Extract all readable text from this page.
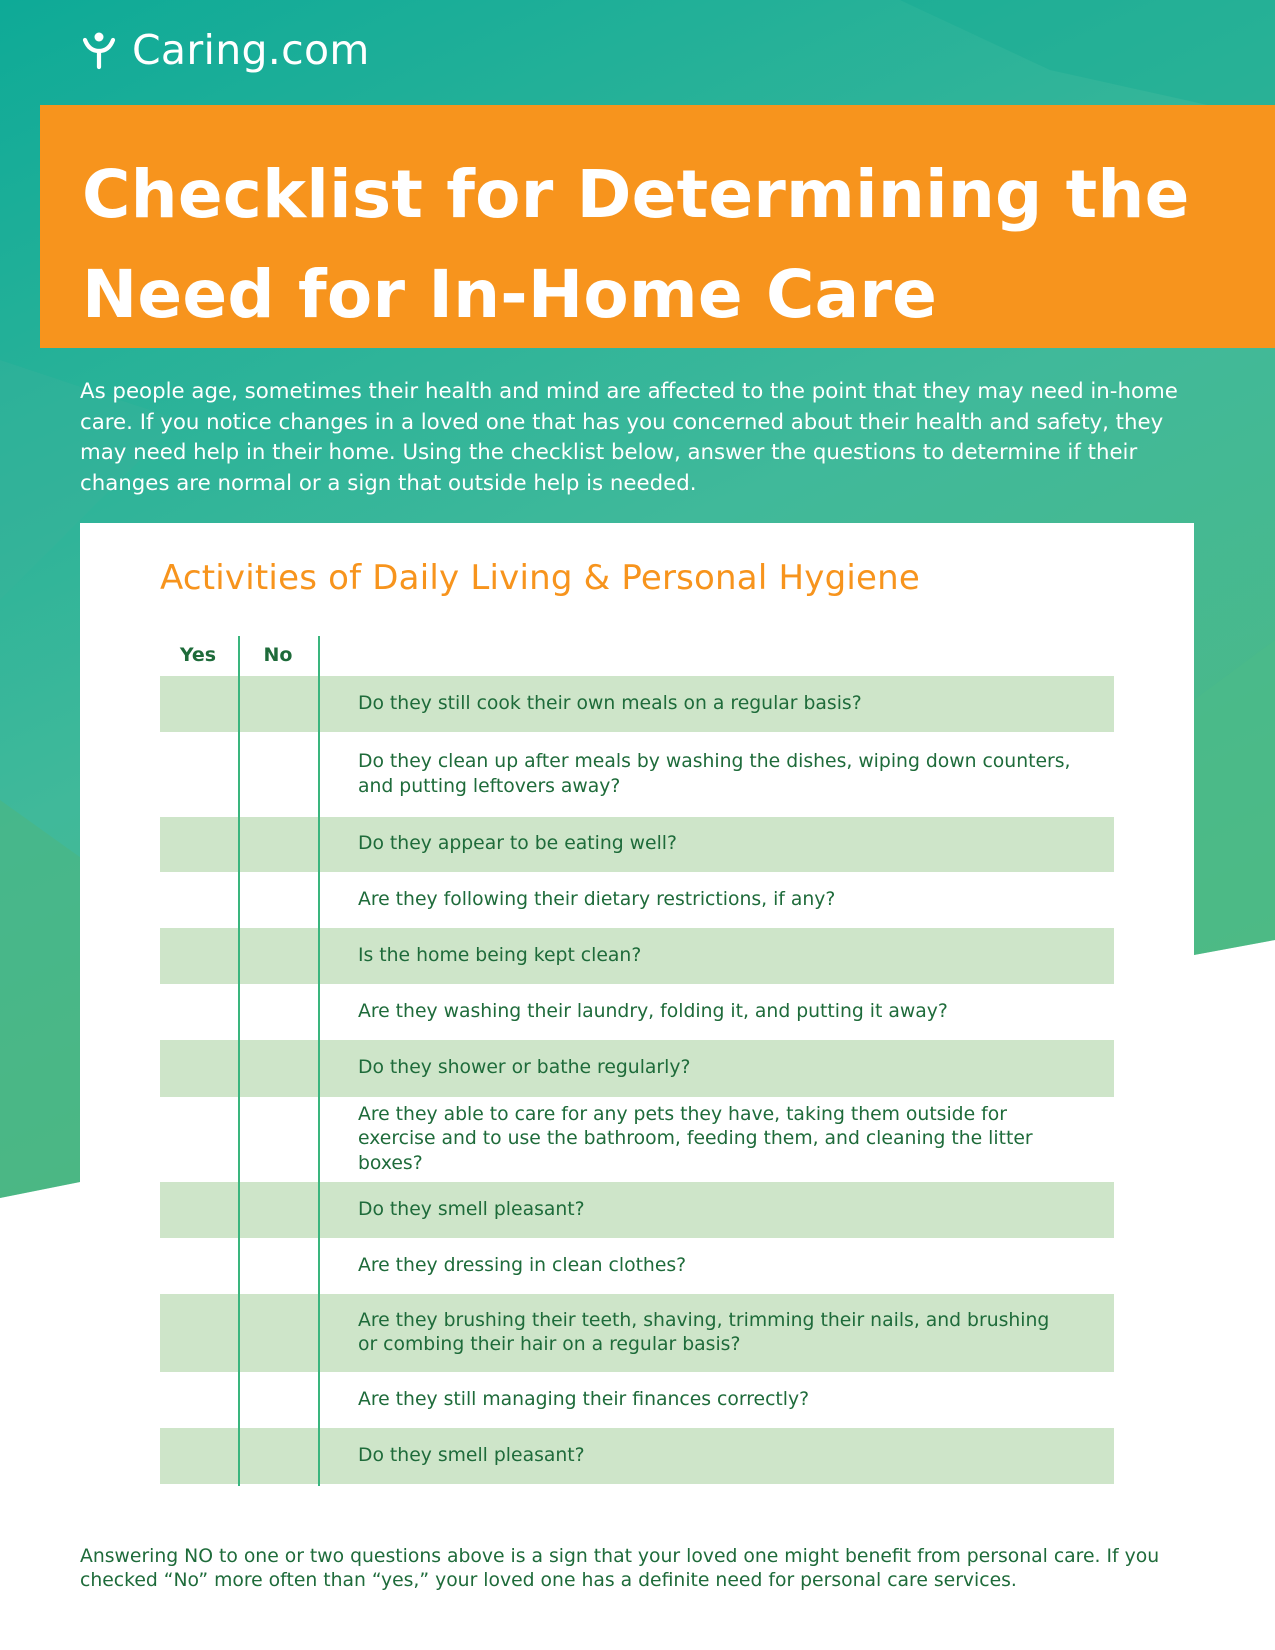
Caring.com
Checklist for Determining the Need for In-Home Care

As people age, sometimes their health and mind are affected to the point that they may need in-home care. If you notice changes in a loved one that has you concerned about their health and safety, they may need help in their home. Using the checklist below, answer the questions to determine if their changes are normal or a sign that outside help is needed.

Activities of Daily Living & Personal Hygiene
Yes	No
Do they still cook their own meals on a regular basis?
Do they clean up after meals by washing the dishes, wiping down counters, and putting leftovers away?
Do they appear to be eating well?
Are they following their dietary restrictions, if any?
Is the home being kept clean?
Are they washing their laundry, folding it, and putting it away?
Do they shower or bathe regularly?
Are they able to care for any pets they have, taking them outside for exercise and to use the bathroom, feeding them, and cleaning the litter boxes?
Do they smell pleasant?
Are they dressing in clean clothes?
Are they brushing their teeth, shaving, trimming their nails, and brushing or combing their hair on a regular basis?
Are they still managing their finances correctly?
Do they smell pleasant?

Answering NO to one or two questions above is a sign that your loved one might benefit from personal care. If you checked “No” more often than “yes,” your loved one has a definite need for personal care services.
